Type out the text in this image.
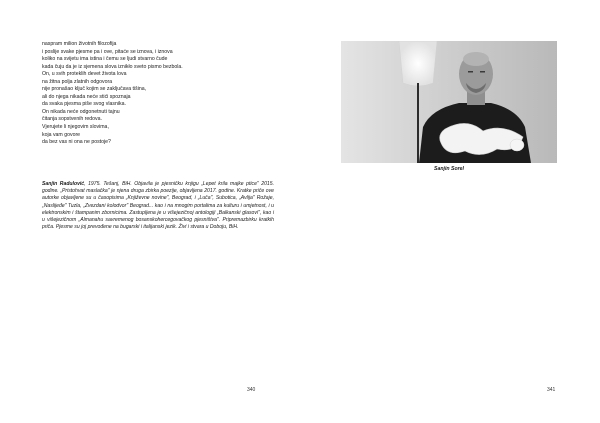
naspram milion životnih filozofija
i poslije svake pjesme pa i ove, pitaće se iznova, i iznova
koliko na svijetu ima istina i čemu se ljudi stvarno čude
kada čuju da je iz sjemena slova iznikło sveto pismo bezbola.
On, u svih proteklih devet života lova
na žitna polja zlatnih odgovora
nije pronašao ključ kojim se zaključava tišina,
ali do njega nikada neće stići spoznaja
da svaka pjesma piše svog vlasnika.
On nikada neće odgonetnuti tajnu
čitanja sopstvenih redova.
Vjerujete li njegovim slovima,
koja vam govore
da bez vas ni ona ne postoje?
Sanjin Radulović, 1975. Tešanj, BiH. Objavila je pjesničku knjigu „Lepet krila majke ptice" 2015. godine. „Pristohvat maslačka" je njena druga zbirka poezije, objavljena 2017. godine. Kratke priče ove autorke objavljene su u časopisima „Književne novine", Beograd, i „Luča", Subotica, „Avlija" Rožaje, „Naslijeđe" Tuzla, „Zvezdani kolodvor" Beograd... kao i na mnogim portalima za kulturu i umjetnost, i u elektronskim i štampanim zbornicima. Zastupljena je u višejezičnoj antologiji „Balkanski glasovi", kao i u višejezičnom „Almanahu savremenog bosanskohercegovačkog pjesništva". Pripremazbirku kratkih priča. Pjesme su joj prevođene na bugarski i italijanski jezik. Živi i stvara u Doboju, BiH.
340
Sanjin Sorel
341
